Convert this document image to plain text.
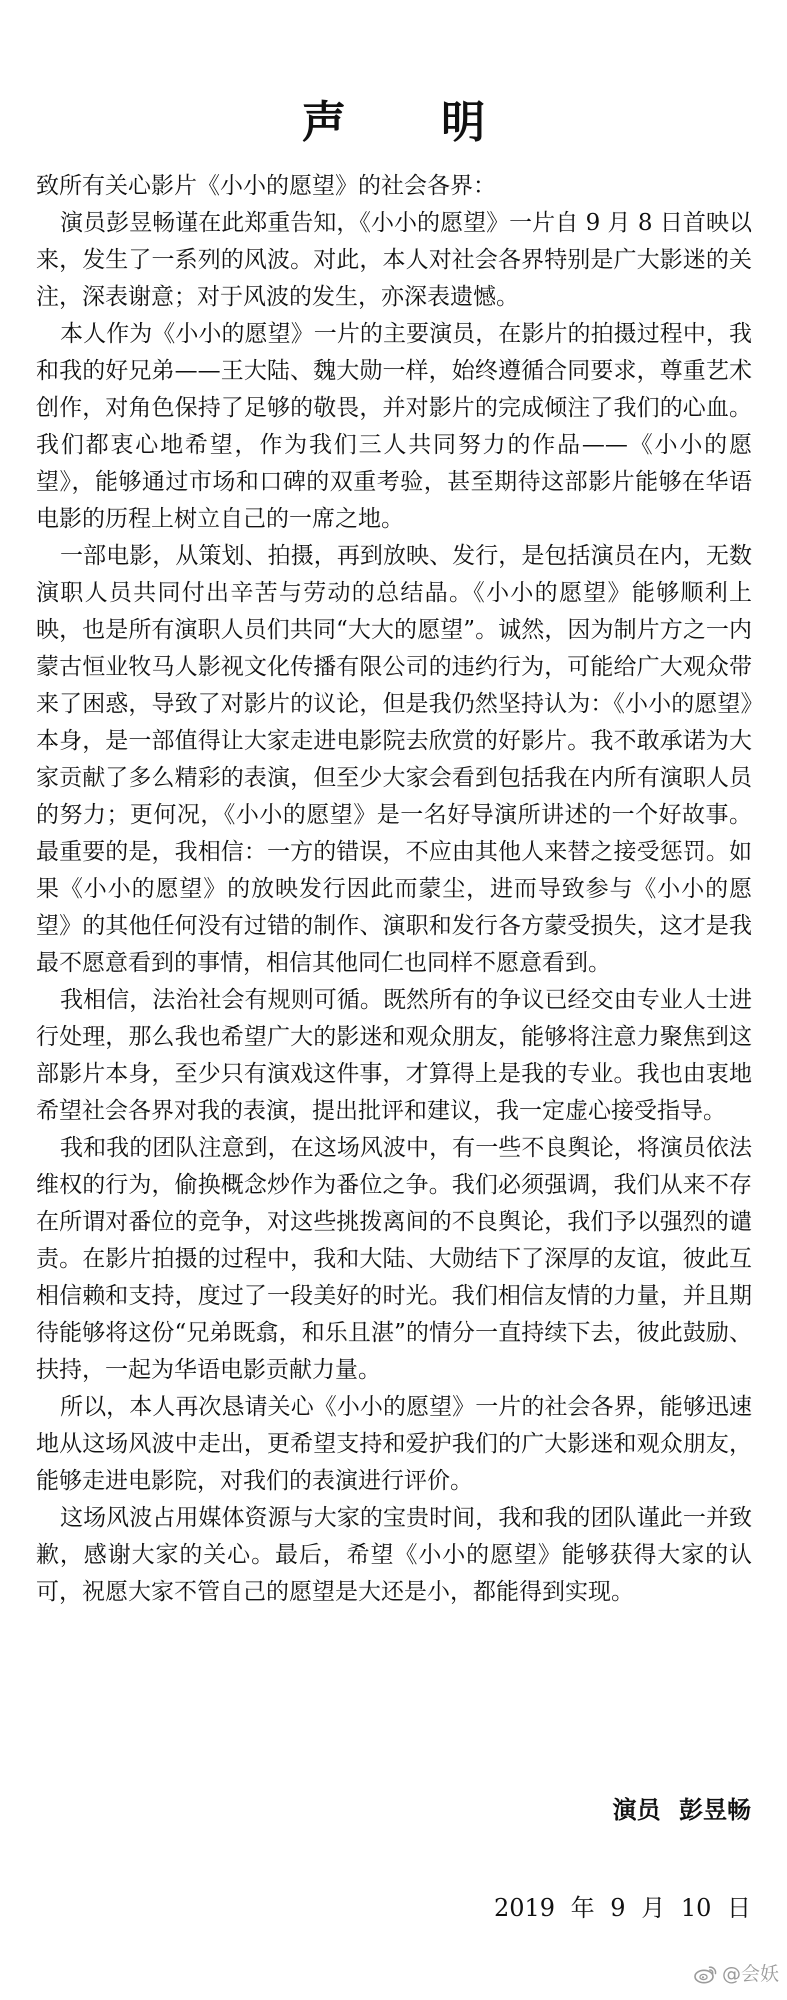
声 明

致所有关心影片《小小的愿望》的社会各界：

演员彭昱畅谨在此郑重告知，《小小的愿望》一片自 9 月 8 日首映以来，发生了一系列的风波。对此，本人对社会各界特别是广大影迷的关注，深表谢意；对于风波的发生，亦深表遗憾。

本人作为《小小的愿望》一片的主要演员，在影片的拍摄过程中，我和我的好兄弟——王大陆、魏大勋一样，始终遵循合同要求，尊重艺术创作，对角色保持了足够的敬畏，并对影片的完成倾注了我们的心血。我们都衷心地希望，作为我们三人共同努力的作品——《小小的愿望》，能够通过市场和口碑的双重考验，甚至期待这部影片能够在华语电影的历程上树立自己的一席之地。

一部电影，从策划、拍摄，再到放映、发行，是包括演员在内，无数演职人员共同付出辛苦与劳动的总结晶。《小小的愿望》能够顺利上映，也是所有演职人员们共同“大大的愿望”。诚然，因为制片方之一内蒙古恒业牧马人影视文化传播有限公司的违约行为，可能给广大观众带来了困惑，导致了对影片的议论，但是我仍然坚持认为：《小小的愿望》本身，是一部值得让大家走进电影院去欣赏的好影片。我不敢承诺为大家贡献了多么精彩的表演，但至少大家会看到包括我在内所有演职人员的努力；更何况，《小小的愿望》是一名好导演所讲述的一个好故事。最重要的是，我相信：一方的错误，不应由其他人来替之接受惩罚。如果《小小的愿望》的放映发行因此而蒙尘，进而导致参与《小小的愿望》的其他任何没有过错的制作、演职和发行各方蒙受损失，这才是我最不愿意看到的事情，相信其他同仁也同样不愿意看到。

我相信，法治社会有规则可循。既然所有的争议已经交由专业人士进行处理，那么我也希望广大的影迷和观众朋友，能够将注意力聚焦到这部影片本身，至少只有演戏这件事，才算得上是我的专业。我也由衷地希望社会各界对我的表演，提出批评和建议，我一定虚心接受指导。

我和我的团队注意到，在这场风波中，有一些不良舆论，将演员依法维权的行为，偷换概念炒作为番位之争。我们必须强调，我们从来不存在所谓对番位的竞争，对这些挑拨离间的不良舆论，我们予以强烈的谴责。在影片拍摄的过程中，我和大陆、大勋结下了深厚的友谊，彼此互相信赖和支持，度过了一段美好的时光。我们相信友情的力量，并且期待能够将这份“兄弟既翕，和乐且湛”的情分一直持续下去，彼此鼓励、扶持，一起为华语电影贡献力量。

所以，本人再次恳请关心《小小的愿望》一片的社会各界，能够迅速地从这场风波中走出，更希望支持和爱护我们的广大影迷和观众朋友，能够走进电影院，对我们的表演进行评价。

这场风波占用媒体资源与大家的宝贵时间，我和我的团队谨此一并致歉，感谢大家的关心。最后，希望《小小的愿望》能够获得大家的认可，祝愿大家不管自己的愿望是大还是小，都能得到实现。

演员 彭昱畅
2019 年 9 月 10 日
@会妖
